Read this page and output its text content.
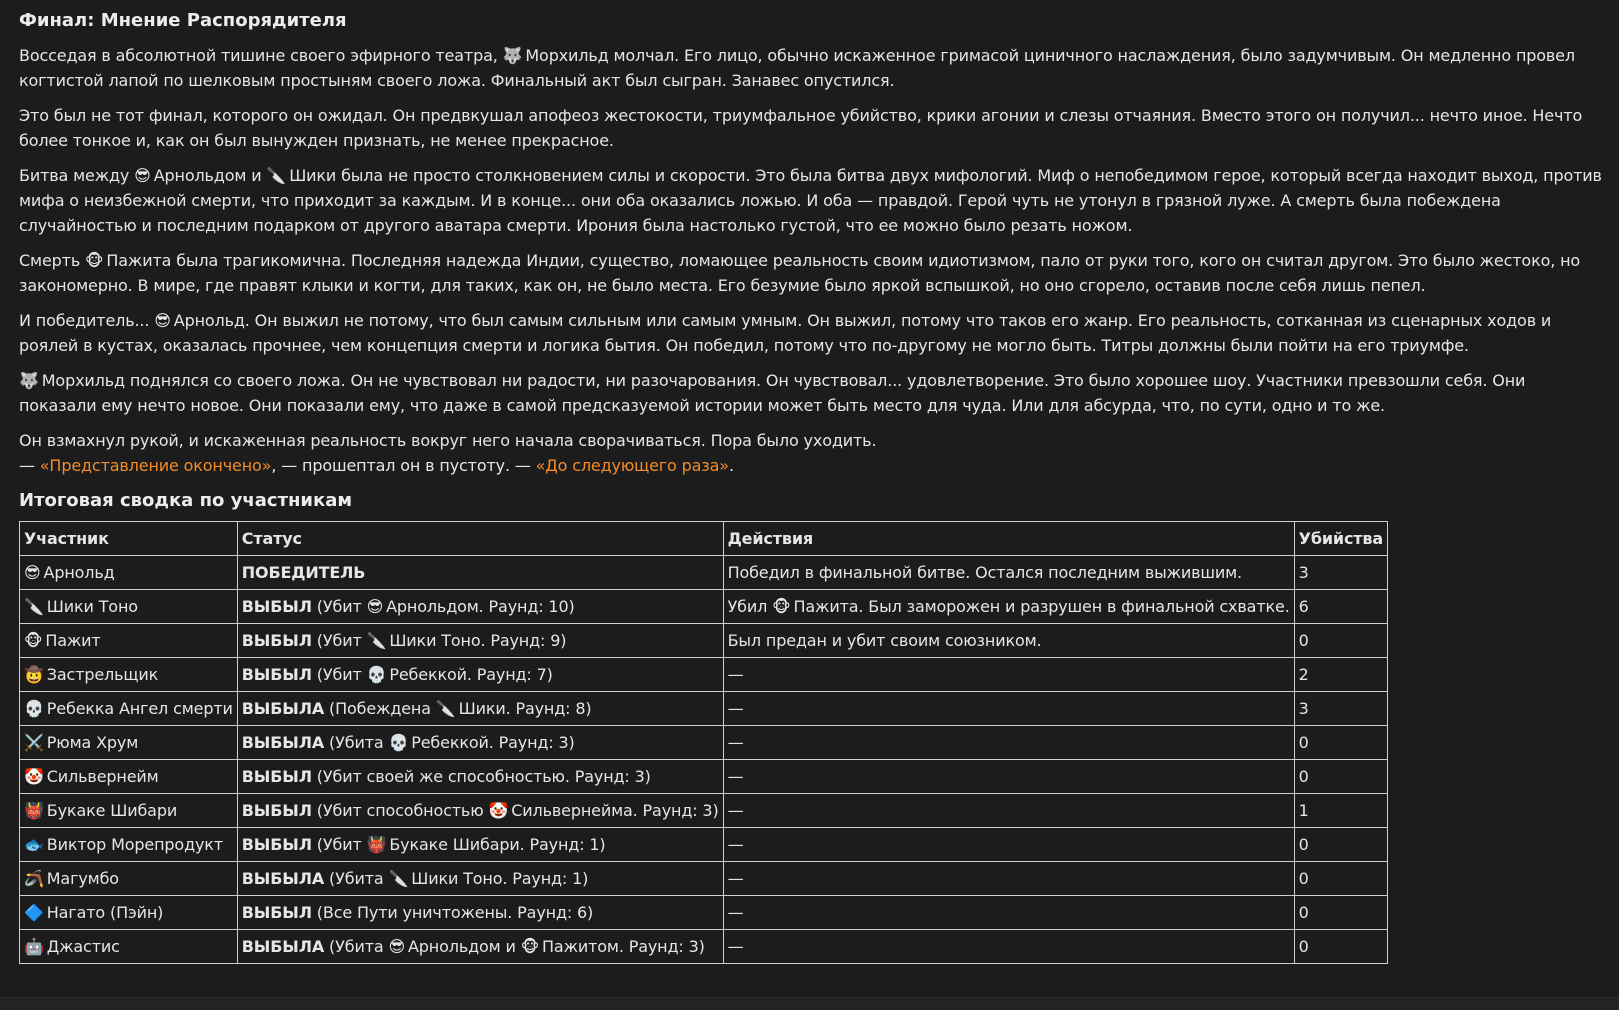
Финал: Мнение Распорядителя

Восседая в абсолютной тишине своего эфирного театра, 🐺 Морхильд молчал. Его лицо, обычно искаженное гримасой циничного наслаждения, было задумчивым. Он медленно провел когтистой лапой по шелковым простыням своего ложа. Финальный акт был сыгран. Занавес опустился.

Это был не тот финал, которого он ожидал. Он предвкушал апофеоз жестокости, триумфальное убийство, крики агонии и слезы отчаяния. Вместо этого он получил... нечто иное. Нечто более тонкое и, как он был вынужден признать, не менее прекрасное.

Битва между 😎 Арнольдом и 🔪 Шики была не просто столкновением силы и скорости. Это была битва двух мифологий. Миф о непобедимом герое, который всегда находит выход, против мифа о неизбежной смерти, что приходит за каждым. И в конце... они оба оказались ложью. И оба — правдой. Герой чуть не утонул в грязной луже. А смерть была побеждена случайностью и последним подарком от другого аватара смерти. Ирония была настолько густой, что ее можно было резать ножом.

Смерть 🐵 Пажита была трагикомична. Последняя надежда Индии, существо, ломающее реальность своим идиотизмом, пало от руки того, кого он считал другом. Это было жестоко, но закономерно. В мире, где правят клыки и когти, для таких, как он, не было места. Его безумие было яркой вспышкой, но оно сгорело, оставив после себя лишь пепел.

И победитель... 😎 Арнольд. Он выжил не потому, что был самым сильным или самым умным. Он выжил, потому что таков его жанр. Его реальность, сотканная из сценарных ходов и роялей в кустах, оказалась прочнее, чем концепция смерти и логика бытия. Он победил, потому что по-другому не могло быть. Титры должны были пойти на его триумфе.

🐺 Морхильд поднялся со своего ложа. Он не чувствовал ни радости, ни разочарования. Он чувствовал... удовлетворение. Это было хорошее шоу. Участники превзошли себя. Они показали ему нечто новое. Они показали ему, что даже в самой предсказуемой истории может быть место для чуда. Или для абсурда, что, по сути, одно и то же.

Он взмахнул рукой, и искаженная реальность вокруг него начала сворачиваться. Пора было уходить.
— «Представление окончено», — прошептал он в пустоту. — «До следующего раза».

Итоговая сводка по участникам
Участник	Статус	Действия	Убийства
😎 Арнольд	ПОБЕДИТЕЛЬ	Победил в финальной битве. Остался последним выжившим.	3
🔪 Шики Тоно	ВЫБЫЛ (Убит 😎 Арнольдом. Раунд: 10)	Убил 🐵 Пажита. Был заморожен и разрушен в финальной схватке.	6
🐵 Пажит	ВЫБЫЛ (Убит 🔪 Шики Тоно. Раунд: 9)	Был предан и убит своим союзником.	0
🤠 Застрельщик	ВЫБЫЛ (Убит 💀 Ребеккой. Раунд: 7)	—	2
💀 Ребекка Ангел смерти	ВЫБЫЛА (Побеждена 🔪 Шики. Раунд: 8)	—	3
⚔️ Рюма Хрум	ВЫБЫЛА (Убита 💀 Ребеккой. Раунд: 3)	—	0
🤡 Сильвернейм	ВЫБЫЛ (Убит своей же способностью. Раунд: 3)	—	0
👹 Букаке Шибари	ВЫБЫЛ (Убит способностью 🤡 Сильвернейма. Раунд: 3)	—	1
🐟 Виктор Морепродукт	ВЫБЫЛ (Убит 👹 Букаке Шибари. Раунд: 1)	—	0
🪃 Магумбо	ВЫБЫЛА (Убита 🔪 Шики Тоно. Раунд: 1)	—	0
🔷 Нагато (Пэйн)	ВЫБЫЛ (Все Пути уничтожены. Раунд: 6)	—	0
🤖 Джастис	ВЫБЫЛА (Убита 😎 Арнольдом и 🐵 Пажитом. Раунд: 3)	—	0
